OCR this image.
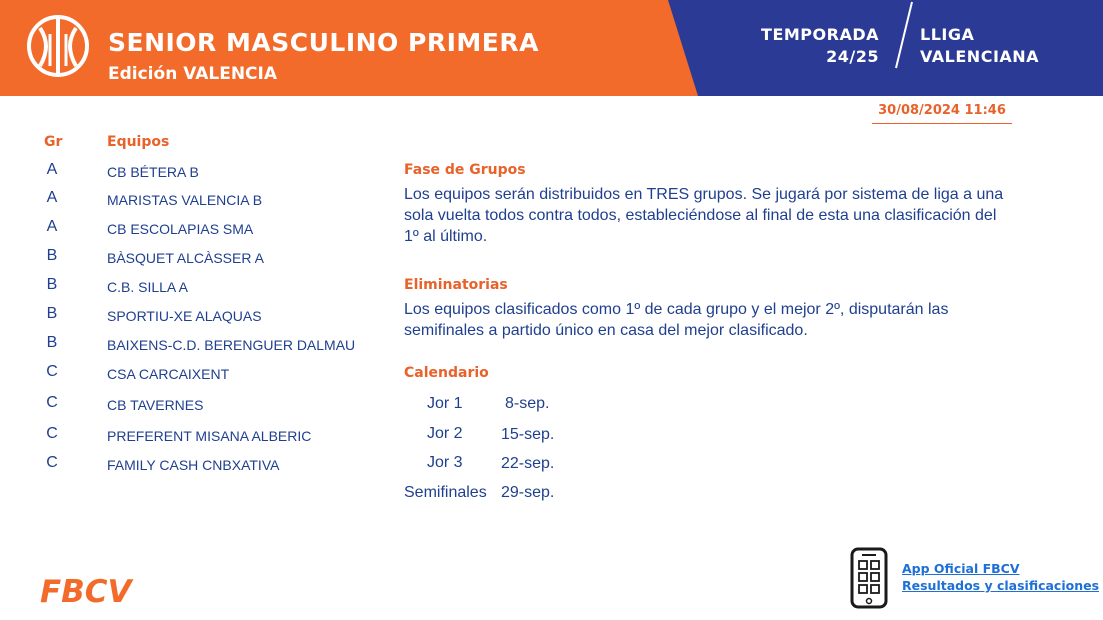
SENIOR MASCULINO PRIMERA
Edición VALENCIA
TEMPORADA
24/25
LLIGA
VALENCIANA
30/08/2024 11:46
Gr	Equipos
A	CB BÉTERA B
A	MARISTAS VALENCIA B
A	CB ESCOLAPIAS SMA
B	BÀSQUET ALCÀSSER A
B	C.B. SILLA A
B	SPORTIU-XE ALAQUAS
B	BAIXENS-C.D. BERENGUER DALMAU
C	CSA CARCAIXENT
C	CB TAVERNES
C	PREFERENT MISANA ALBERIC
C	FAMILY CASH CNBXATIVA
Fase de Grupos
Los equipos serán distribuidos en TRES grupos. Se jugará por sistema de liga a una sola vuelta todos contra todos, estableciéndose al final de esta una clasificación del 1º al último.
Eliminatorias
Los equipos clasificados como 1º de cada grupo y el mejor 2º, disputarán las semifinales a partido único en casa del mejor clasificado.
Calendario
Jor 1	8-sep.
Jor 2 15-sep.
Jor 3 22-sep.
Semifinales 29-sep.
FBCV
App Oficial FBCV
Resultados y clasificaciones
